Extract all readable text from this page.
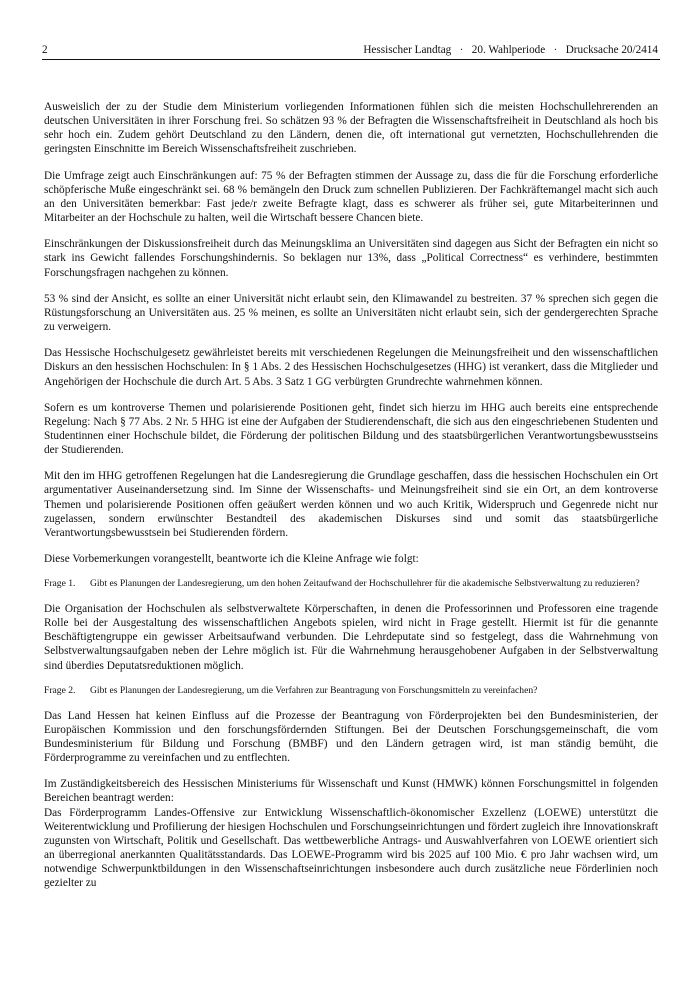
2	Hessischer Landtag   ·   20. Wahlperiode   ·   Drucksache 20/2414

Ausweislich der zu der Studie dem Ministerium vorliegenden Informationen fühlen sich die meisten Hochschullehrerenden an deutschen Universitäten in ihrer Forschung frei. So schätzen 93 % der Befragten die Wissenschaftsfreiheit in Deutschland als hoch bis sehr hoch ein. Zudem gehört Deutschland zu den Ländern, denen die, oft international gut vernetzten, Hochschullehrenden die geringsten Einschnitte im Bereich Wissenschaftsfreiheit zuschrieben.

Die Umfrage zeigt auch Einschränkungen auf: 75 % der Befragten stimmen der Aussage zu, dass die für die Forschung erforderliche schöpferische Muße eingeschränkt sei. 68 % bemängeln den Druck zum schnellen Publizieren. Der Fachkräftemangel macht sich auch an den Universitäten bemerkbar: Fast jede/r zweite Befragte klagt, dass es schwerer als früher sei, gute Mitarbeiterinnen und Mitarbeiter an der Hochschule zu halten, weil die Wirtschaft bessere Chancen biete.

Einschränkungen der Diskussionsfreiheit durch das Meinungsklima an Universitäten sind dagegen aus Sicht der Befragten ein nicht so stark ins Gewicht fallendes Forschungshindernis. So beklagen nur 13%, dass „Political Correctness“ es verhindere, bestimmten Forschungsfragen nachgehen zu können.

53 % sind der Ansicht, es sollte an einer Universität nicht erlaubt sein, den Klimawandel zu bestreiten. 37 % sprechen sich gegen die Rüstungsforschung an Universitäten aus. 25 % meinen, es sollte an Universitäten nicht erlaubt sein, sich der gendergerechten Sprache zu verweigern.

Das Hessische Hochschulgesetz gewährleistet bereits mit verschiedenen Regelungen die Meinungsfreiheit und den wissenschaftlichen Diskurs an den hessischen Hochschulen: In § 1 Abs. 2 des Hessischen Hochschulgesetzes (HHG) ist verankert, dass die Mitglieder und Angehörigen der Hochschule die durch Art. 5 Abs. 3 Satz 1 GG verbürgten Grundrechte wahrnehmen können.

Sofern es um kontroverse Themen und polarisierende Positionen geht, findet sich hierzu im HHG auch bereits eine entsprechende Regelung: Nach § 77 Abs. 2 Nr. 5 HHG ist eine der Aufgaben der Studierendenschaft, die sich aus den eingeschriebenen Studenten und Studentinnen einer Hochschule bildet, die Förderung der politischen Bildung und des staatsbürgerlichen Verantwortungsbewusstseins der Studierenden.

Mit den im HHG getroffenen Regelungen hat die Landesregierung die Grundlage geschaffen, dass die hessischen Hochschulen ein Ort argumentativer Auseinandersetzung sind. Im Sinne der Wissenschafts- und Meinungsfreiheit sind sie ein Ort, an dem kontroverse Themen und polarisierende Positionen offen geäußert werden können und wo auch Kritik, Widerspruch und Gegenrede nicht nur zugelassen, sondern erwünschter Bestandteil des akademischen Diskurses sind und somit das staatsbürgerliche Verantwortungsbewusstsein bei Studierenden fördern.

Diese Vorbemerkungen vorangestellt, beantworte ich die Kleine Anfrage wie folgt:

Frage 1.	Gibt es Planungen der Landesregierung, um den hohen Zeitaufwand der Hochschullehrer für die akademische Selbstverwaltung zu reduzieren?

Die Organisation der Hochschulen als selbstverwaltete Körperschaften, in denen die Professorinnen und Professoren eine tragende Rolle bei der Ausgestaltung des wissenschaftlichen Angebots spielen, wird nicht in Frage gestellt. Hiermit ist für die genannte Beschäftigtengruppe ein gewisser Arbeitsaufwand verbunden. Die Lehrdeputate sind so festgelegt, dass die Wahrnehmung von Selbstverwaltungsaufgaben neben der Lehre möglich ist. Für die Wahrnehmung herausgehobener Aufgaben in der Selbstverwaltung sind überdies Deputatsreduktionen möglich.

Frage 2.	Gibt es Planungen der Landesregierung, um die Verfahren zur Beantragung von Forschungsmitteln zu vereinfachen?

Das Land Hessen hat keinen Einfluss auf die Prozesse der Beantragung von Förderprojekten bei den Bundesministerien, der Europäischen Kommission und den forschungsfördernden Stiftungen. Bei der Deutschen Forschungsgemeinschaft, die vom Bundesministerium für Bildung und Forschung (BMBF) und den Ländern getragen wird, ist man ständig bemüht, die Förderprogramme zu vereinfachen und zu entflechten.

Im Zuständigkeitsbereich des Hessischen Ministeriums für Wissenschaft und Kunst (HMWK) können Forschungsmittel in folgenden Bereichen beantragt werden:

Das Förderprogramm Landes-Offensive zur Entwicklung Wissenschaftlich-ökonomischer Exzellenz (LOEWE) unterstützt die Weiterentwicklung und Profilierung der hiesigen Hochschulen und Forschungseinrichtungen und fördert zugleich ihre Innovationskraft zugunsten von Wirtschaft, Politik und Gesellschaft. Das wettbewerbliche Antrags- und Auswahlverfahren von LOEWE orientiert sich an überregional anerkannten Qualitätsstandards. Das LOEWE-Programm wird bis 2025 auf 100 Mio. € pro Jahr wachsen wird, um notwendige Schwerpunktbildungen in den Wissenschaftseinrichtungen insbesondere auch durch zusätzliche neue Förderlinien noch gezielter zu
